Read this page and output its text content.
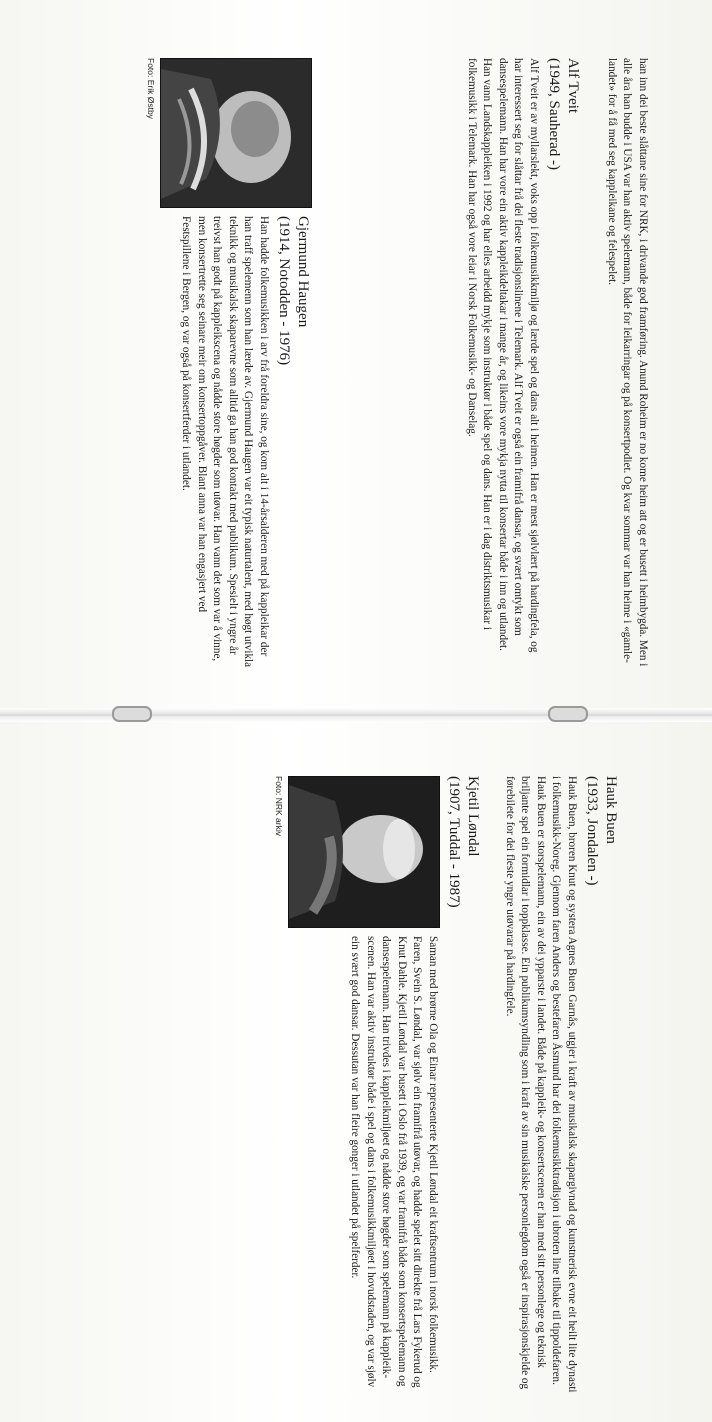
han inn dei beste slåttane sine for NRK, i drivande god framføring. Anund Roheim er no kome heim att og er busett i heimbygda. Men i alle åra han budde i USA var han aktiv spelemann, både for leikarringar og på konsertpodiet. Og kvar sommar var han heime i «gamle-landet» for å få med seg kappleikane og felespelet.

Alf Tveit
(1949, Sauherad -)

Alf Tveit er av myllarslekt, voks opp i folkemusikkmiljø og lærde spel og dans alt i heimen. Han er mest sjølvlært på hardingfela, og har interessert seg for slåttar frå dei fleste tradisjonslinene i Telemark. Alf Tveit er også ein framifrå dansar, og svært omtykt som dansespelemann. Han har vore ein aktiv kappleikdeltakar i mange år, og likeins vore mykja nytta til konsertar både i inn og utlandet. Han vann Landskappleiken i 1992 og har elles arbeidd mykje som instruktør i både spel og dans. Han er i dag distriktsmusikar i folkemusikk i Telemark. Han har også vore leiar i Norsk Folkemusikk- og Danselag.

Foto: Erik Østby
Gjermund Haugen
(1914, Notodden - 1976)

Han hadde folkemusikken i arv frå foreldra sine, og kom alt i 14-årsalderen med på kappleikar der han traff spelemenn som han lærde av. Gjermund Haugen var eit typisk naturtalent, med høgt utvikla teknikk og musikalsk skaparevne som alltid ga han god kontakt med publikum. Spesielt i yngre år treivst han godt på kappleikscena og nådde store høgder som utøvar. Han vann det som var å vinne, men konsertrette seg seinare meir om konsertoppgåver. Blant anna var han engasjert ved Festspillene i Bergen, og var også på konsertferder i utlandet.

Hauk Buen
(1933, Jondalen -)

Hauk Buen, broren Knut og systera Agnes Buen Garnås, utgjer i kraft av musikalsk skapargivnad og kunstnerisk evne eit heilt lite dynasti i folkemusikk-Noreg. Gjennom faren Anders og bestefaren Åsmund har dei folkemusikktradisjon i ubroten line tilbake til tippoldefaren. Hauk Buen er storspelemann, ein av dei ypparste i landet. Både på kappleik- og konsertscenen er han med sitt personlege og teknisk briljante spel ein formidlar i toppklasse. Ein publikumsyndling som i kraft av sin musikalske personlegdom også er inspirasjonskjelde og førebilete for dei fleste yngre utøvarar på hardingfele.

Kjetil Løndal
(1907, Tuddal - 1987)
Foto: NRK arkiv

Saman med brørne Ola og Einar representerte Kjetil Løndal eit kraftsentrum i norsk folkemusikk. Faren, Svein S. Løndal, var sjølv ein framifrå utøvar, og hadde spelet sitt direkte frå Lars Fykerud og Knut Dahle. Kjetil Løndal var busett i Oslo frå 1939, og var framifrå både som konsertspelemann og dansespelemann. Han trivdes i kappleikmiljøet og nådde store høgder som spelemann på kappleik-scenen. Han var aktiv instruktør både i spel og dans i folkemusikkmiljøet i hovudstaden, og var sjølv ein svært god dansar. Dessutan var han fleire gonger i utlandet på spelferder.
